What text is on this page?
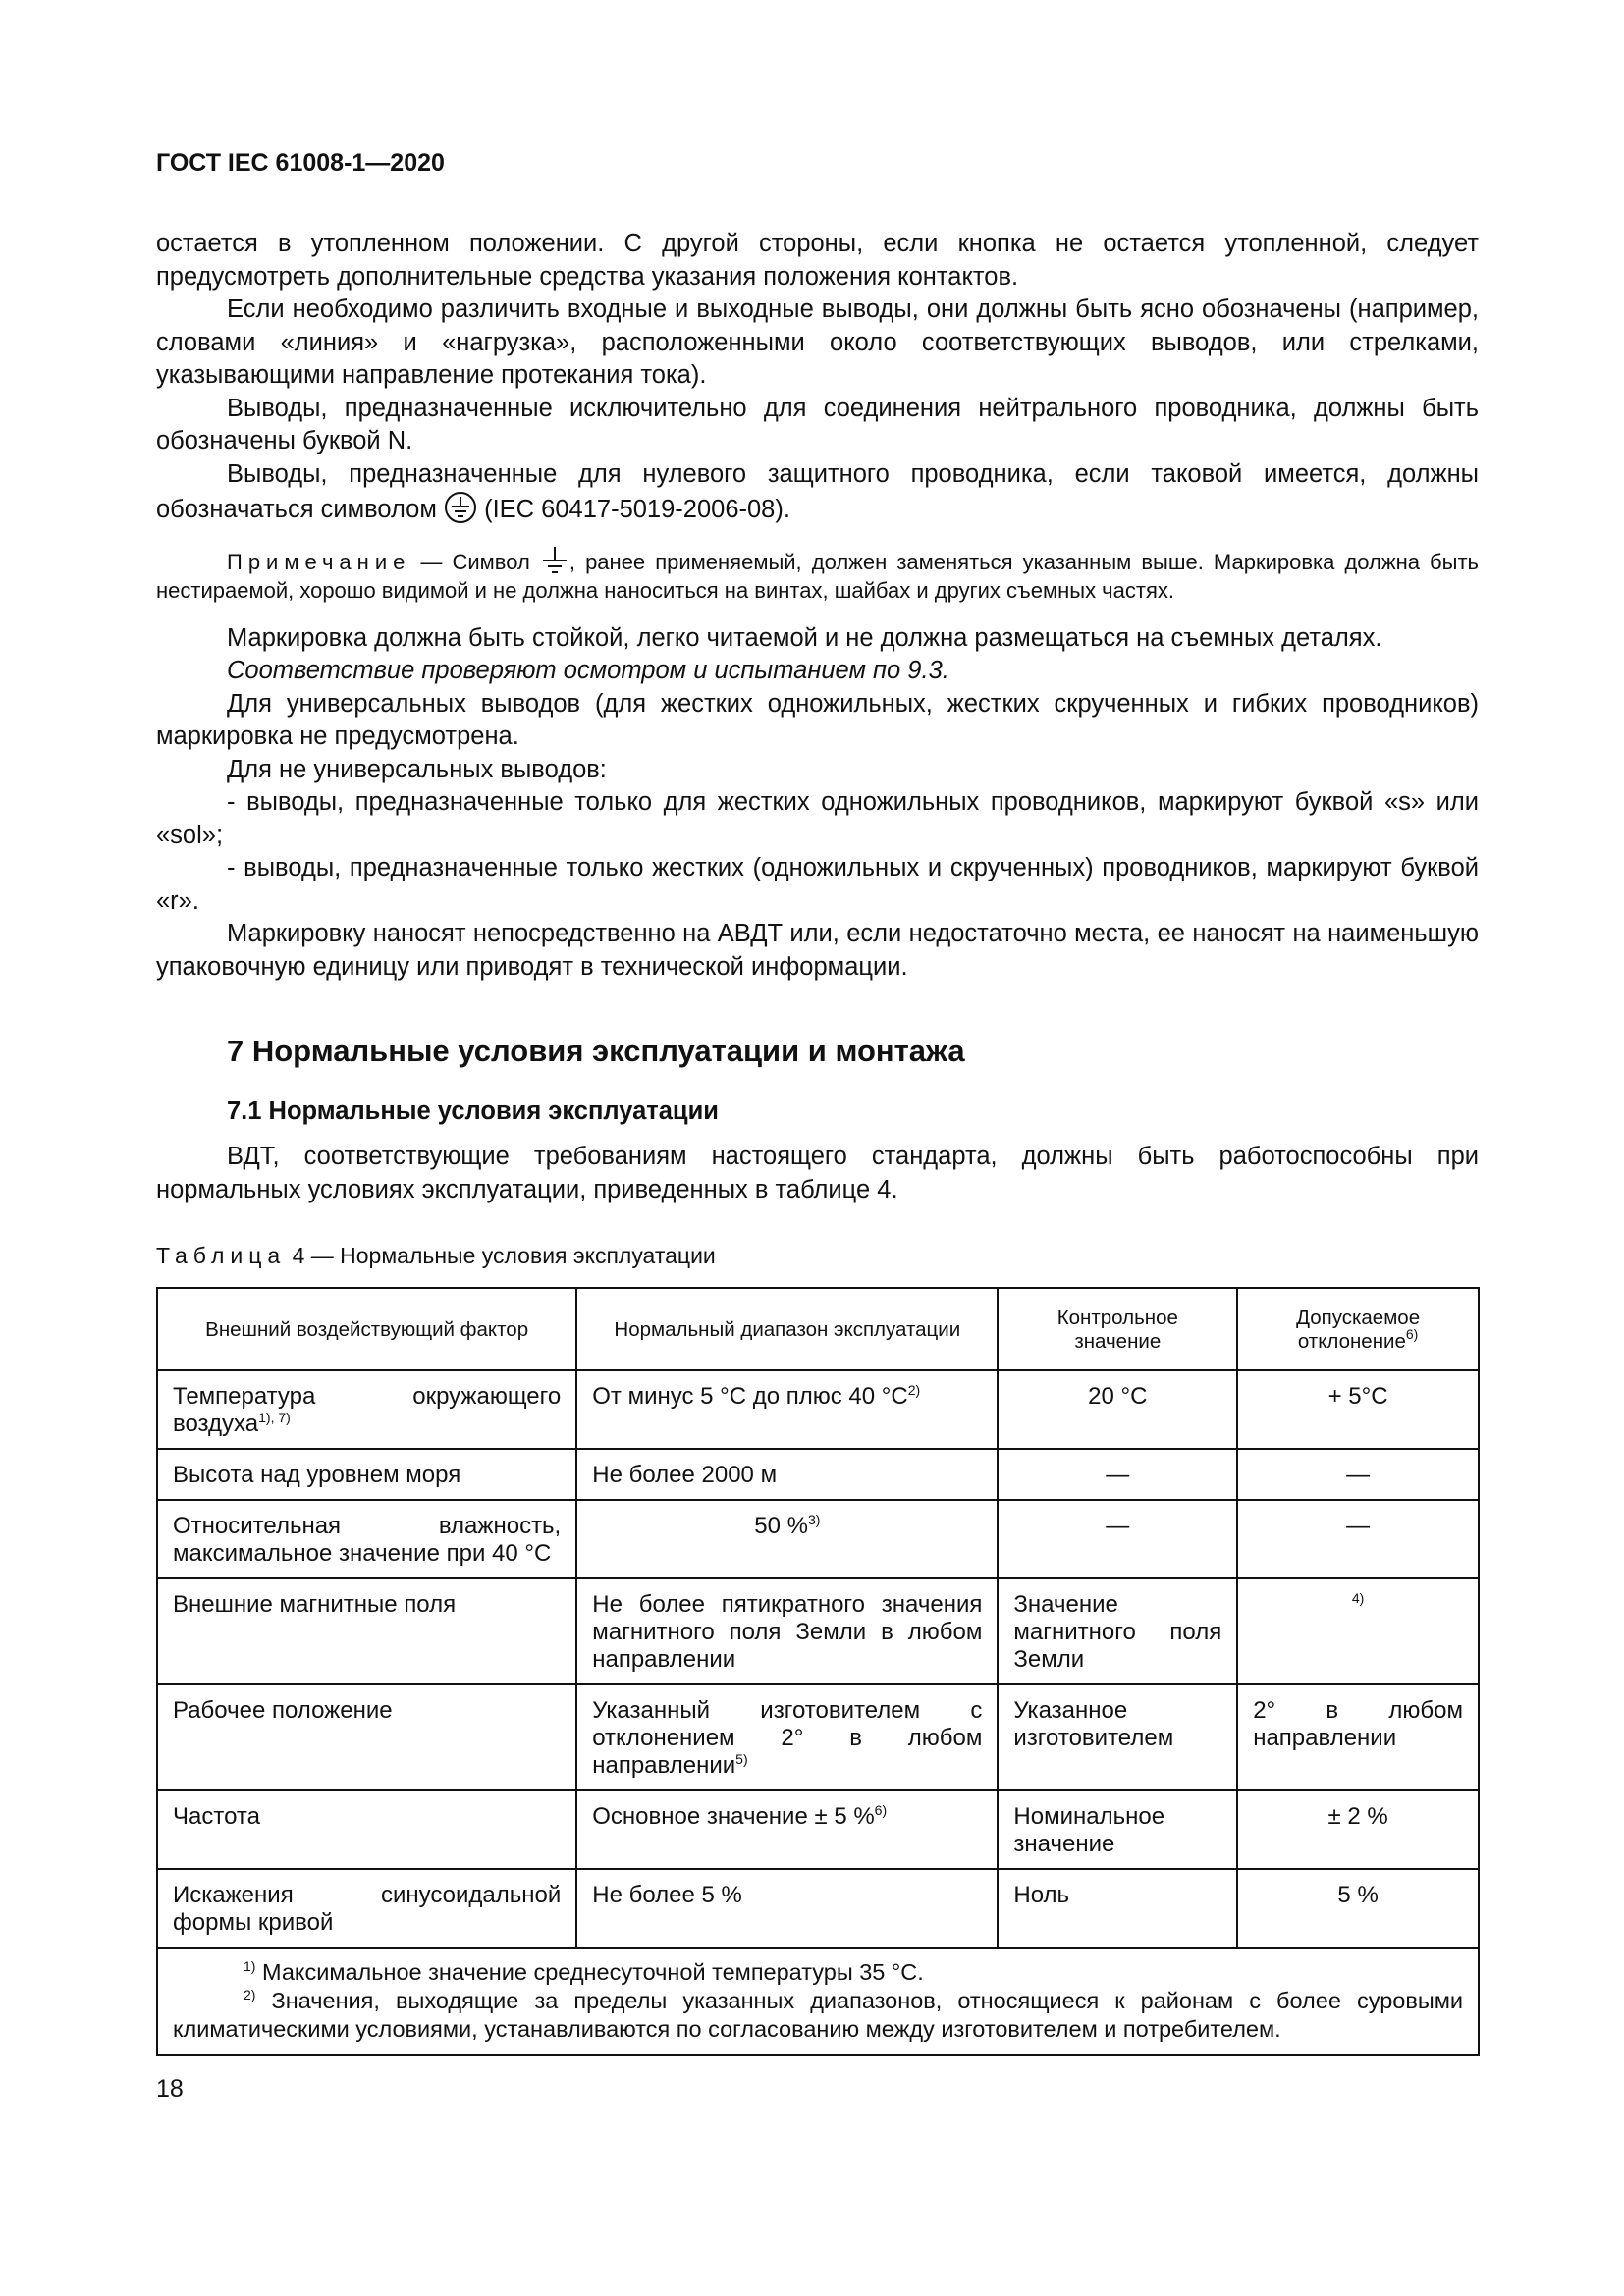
ГОСТ IEC 61008-1—2020

остается в утопленном положении. С другой стороны, если кнопка не остается утопленной, следует предусмотреть дополнительные средства указания положения контактов.

Если необходимо различить входные и выходные выводы, они должны быть ясно обозначены (например, словами «линия» и «нагрузка», расположенными около соответствующих выводов, или стрелками, указывающими направление протекания тока).

Выводы, предназначенные исключительно для соединения нейтрального проводника, должны быть обозначены буквой N.

Выводы, предназначенные для нулевого защитного проводника, если таковой имеется, должны обозначаться символом (IEC 60417-5019-2006-08).

Примечание — Символ , ранее применяемый, должен заменяться указанным выше. Маркировка должна быть нестираемой, хорошо видимой и не должна наноситься на винтах, шайбах и других съемных частях.

Маркировка должна быть стойкой, легко читаемой и не должна размещаться на съемных деталях.

Соответствие проверяют осмотром и испытанием по 9.3.

Для универсальных выводов (для жестких одножильных, жестких скрученных и гибких проводников) маркировка не предусмотрена.

Для не универсальных выводов:

- выводы, предназначенные только для жестких одножильных проводников, маркируют буквой «s» или «sol»;

- выводы, предназначенные только жестких (одножильных и скрученных) проводников, маркируют буквой «r».

Маркировку наносят непосредственно на АВДТ или, если недостаточно места, ее наносят на наименьшую упаковочную единицу или приводят в технической информации.

7 Нормальные условия эксплуатации и монтажа
7.1 Нормальные условия эксплуатации

ВДТ, соответствующие требованиям настоящего стандарта, должны быть работоспособны при нормальных условиях эксплуатации, приведенных в таблице 4.

Таблица 4 — Нормальные условия эксплуатации
Внешний воздействующий фактор	Нормальный диапазон эксплуатации	Контрольное значение	Допускаемое отклонение$^{6)}$
Температура окружающего воздуха$^{1), 7)}$	От минус 5 °C до плюс 40 $^\circ C^{2)}$	20 °C	+ 5°C
Высота над уровнем моря	Не более 2000 м	—	—
Относительная влажность, максимальное значение при 40 °C	50 %$^{3)}$	—	—
Внешние магнитные поля	Не более пятикратного значения магнитного поля Земли в любом направлении	Значение магнитного поля Земли	$^{4)}$
Рабочее положение	Указанный изготовителем с отклонением 2° в любом направлении$^{5)}$	Указанное изготовителем	2° в любом направлении
Частота	Основное значение ± 5 %$^{6)}$	Номинальное значение	± 2 %
Искажения синусоидальной формы кривой	Не более 5 %	Ноль	5 %

$^{1)}$ Максимальное значение среднесуточной температуры 35 °C.

$^{2)}$ Значения, выходящие за пределы указанных диапазонов, относящиеся к районам с более суровыми климатическими условиями, устанавливаются по согласованию между изготовителем и потребителем.			

18
